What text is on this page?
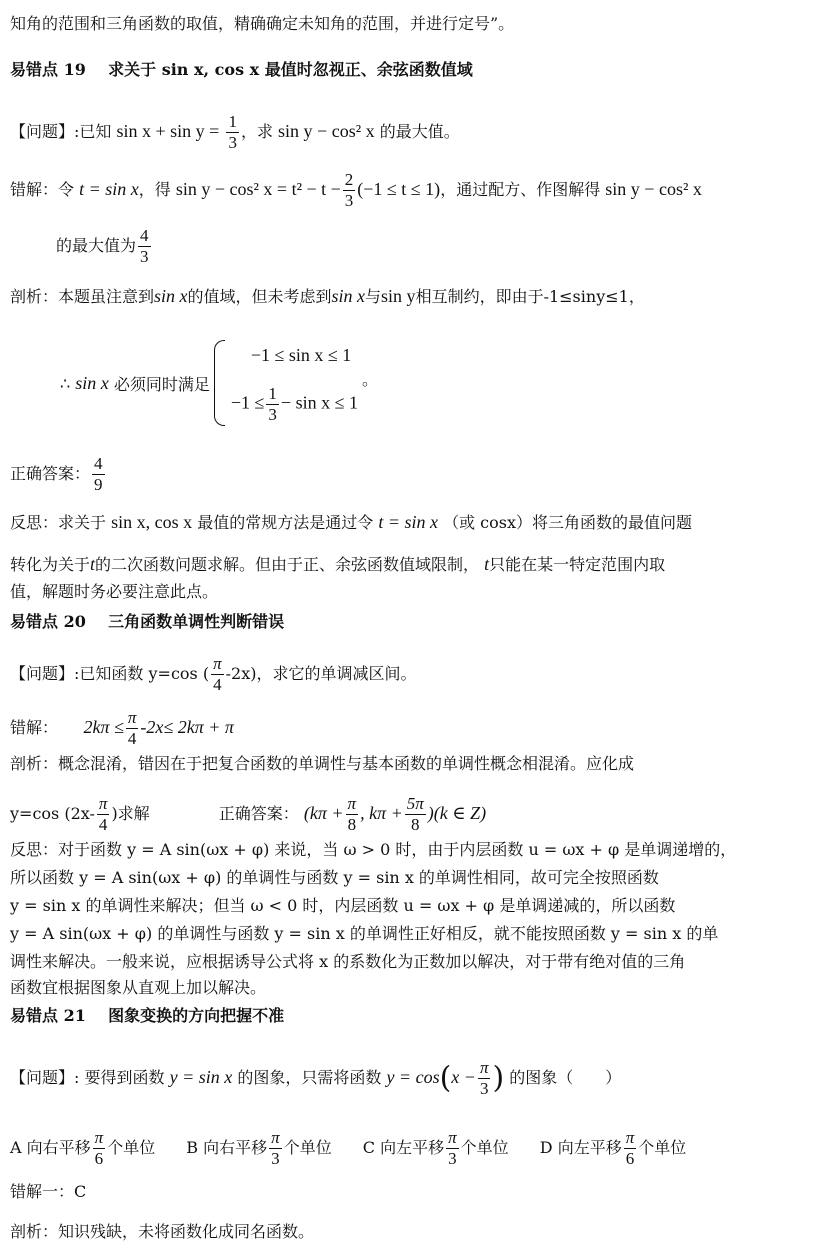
知角的范围和三角函数的取值，精确确定未知角的范围，并进行定号”。
易错点 19 求关于 sin x, cos x 最值时忽视正、余弦函数值域
【问题】:已知 $\sin x + \sin y = \frac{1}{3}$ ，求 sin y − cos² x 的最大值。
错解：令 t = sin x，得 sin y − cos² $x = t^2 - t - \frac{2}{3} (-1 \le t \le 1)$，通过配方、作图解得 sin y − cos² x
的最大值为 $\frac{4}{3}$
剖析：本题虽注意到sin x的值域，但未考虑到sin x与sin y相互制约，即由于-1≤siny≤1，
∴
sin x
必须同时满足
−1 ≤ sin x ≤ 1
$-1 \le \frac{1}{3} - \sin x \le 1$
。
正确答案： $\frac{4}{9}$
反思：求关于 sin x, cos x 最值的常规方法是通过令 t = sin x （或 cosx）将三角函数的最值问题
转化为关于t的二次函数问题求解。但由于正、余弦函数值域限制， t只能在某一特定范围内取
值，解题时务必要注意此点。
易错点 20 三角函数单调性判断错误
【问题】:已知函数 y=cos ( $\frac{\pi}{4} -2x$)，求它的单调减区间。
错解： $2k\pi \le \frac{\pi}{4} -2x\le 2k\pi + \pi$
剖析：概念混淆，错因在于把复合函数的单调性与基本函数的单调性概念相混淆。应化成
y=cos ($2x- \frac{\pi}{4}$ )求解	正确答案： ($k\pi + \frac{\pi}{8}$ , $k\pi + \frac{5\pi}{8} )(k$ ∈ Z)
反思：对于函数 y = A sin(ωx + φ) 来说，当 ω > 0 时，由于内层函数 u = ωx + φ 是单调递增的，
所以函数 y = A sin(ωx + φ) 的单调性与函数 y = sin x 的单调性相同，故可完全按照函数
y = sin x 的单调性来解决；但当 ω < 0 时，内层函数 u = ωx + φ 是单调递减的，所以函数
y = A sin(ωx + φ) 的单调性与函数 y = sin x 的单调性正好相反，就不能按照函数 y = sin x 的单
调性来解决。一般来说，应根据诱导公式将 x 的系数化为正数加以解决，对于带有绝对值的三角
函数宜根据图象从直观上加以解决。
易错点 21 图象变换的方向把握不准
【问题】: 要得到函数 y = sin x 的图象，只需将函数 $y = \cos(x - \frac{\pi}{3}$ ) 的图象（　　）
A 向右平移 $\frac{\pi}{6}$ 个单位 B 向右平移 $\frac{\pi}{3}$ 个单位 C 向左平移 $\frac{\pi}{3}$ 个单位 D 向左平移 $\frac{\pi}{6}$ 个单位
错解一：C
剖析：知识残缺，未将函数化成同名函数。
